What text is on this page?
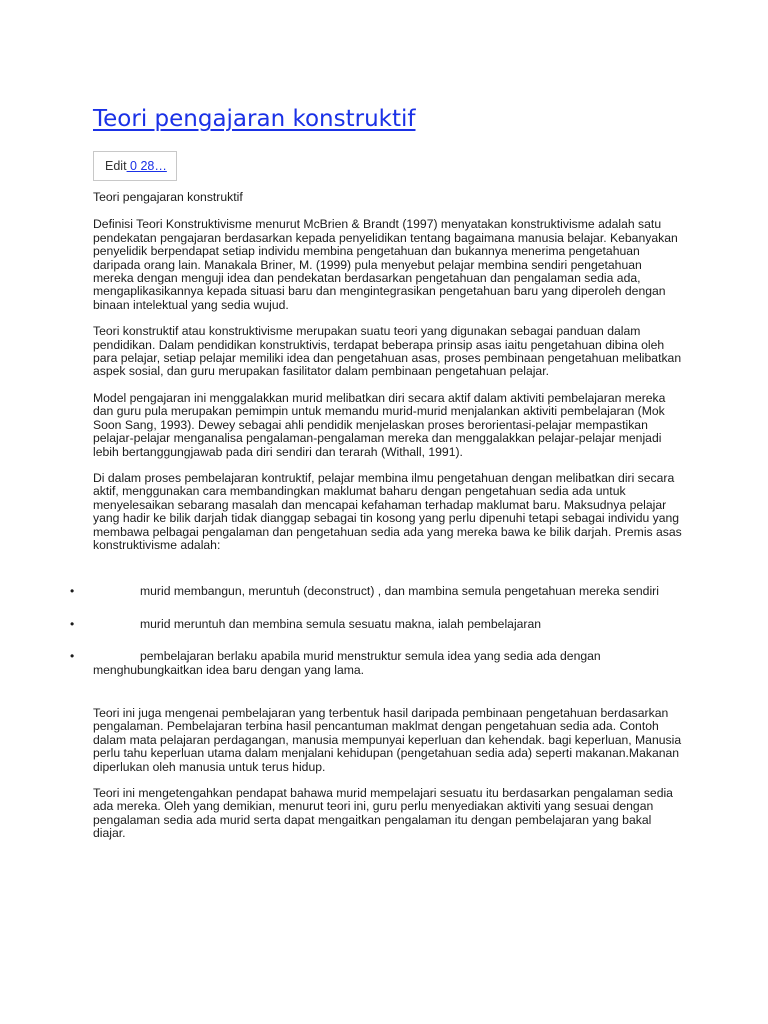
Teori pengajaran konstruktif
Edit 0 28…

Teori pengajaran konstruktif

Definisi Teori Konstruktivisme menurut McBrien & Brandt (1997) menyatakan konstruktivisme adalah satu pendekatan pengajaran berdasarkan kepada penyelidikan tentang bagaimana manusia belajar. Kebanyakan penyelidik berpendapat setiap individu membina pengetahuan dan bukannya menerima pengetahuan daripada orang lain. Manakala Briner, M. (1999) pula menyebut pelajar membina sendiri pengetahuan mereka dengan menguji idea dan pendekatan berdasarkan pengetahuan dan pengalaman sedia ada, mengaplikasikannya kepada situasi baru dan mengintegrasikan pengetahuan baru yang diperoleh dengan binaan intelektual yang sedia wujud.

Teori konstruktif atau konstruktivisme merupakan suatu teori yang digunakan sebagai panduan dalam pendidikan. Dalam pendidikan konstruktivis, terdapat beberapa prinsip asas iaitu pengetahuan dibina oleh para pelajar, setiap pelajar memiliki idea dan pengetahuan asas, proses pembinaan pengetahuan melibatkan aspek sosial, dan guru merupakan fasilitator dalam pembinaan pengetahuan pelajar.

Model pengajaran ini menggalakkan murid melibatkan diri secara aktif dalam aktiviti pembelajaran mereka dan guru pula merupakan pemimpin untuk memandu murid-murid menjalankan aktiviti pembelajaran (Mok Soon Sang, 1993). Dewey sebagai ahli pendidik menjelaskan proses berorientasi-pelajar mempastikan pelajar-pelajar menganalisa pengalaman-pengalaman mereka dan menggalakkan pelajar-pelajar menjadi lebih bertanggungjawab pada diri sendiri dan terarah (Withall, 1991).

Di dalam proses pembelajaran kontruktif, pelajar membina ilmu pengetahuan dengan melibatkan diri secara aktif, menggunakan cara membandingkan maklumat baharu dengan pengetahuan sedia ada untuk menyelesaikan sebarang masalah dan mencapai kefahaman terhadap maklumat baru. Maksudnya pelajar yang hadir ke bilik darjah tidak dianggap sebagai tin kosong yang perlu dipenuhi tetapi sebagai individu yang membawa pelbagai pengalaman dan pengetahuan sedia ada yang mereka bawa ke bilik darjah. Premis asas konstruktivisme adalah:

•	murid membangun, meruntuh (deconstruct) , dan mambina semula pengetahuan mereka sendiri
•	murid meruntuh dan membina semula sesuatu makna, ialah pembelajaran
•	pembelajaran berlaku apabila murid menstruktur semula idea yang sedia ada dengan menghubungkaitkan idea baru dengan yang lama.

Teori ini juga mengenai pembelajaran yang terbentuk hasil daripada pembinaan pengetahuan berdasarkan pengalaman. Pembelajaran terbina hasil pencantuman maklmat dengan pengetahuan sedia ada. Contoh dalam mata pelajaran perdagangan, manusia mempunyai keperluan dan kehendak. bagi keperluan, Manusia perlu tahu keperluan utama dalam menjalani kehidupan (pengetahuan sedia ada) seperti makanan.Makanan diperlukan oleh manusia untuk terus hidup.

Teori ini mengetengahkan pendapat bahawa murid mempelajari sesuatu itu berdasarkan pengalaman sedia ada mereka. Oleh yang demikian, menurut teori ini, guru perlu menyediakan aktiviti yang sesuai dengan pengalaman sedia ada murid serta dapat mengaitkan pengalaman itu dengan pembelajaran yang bakal diajar.
